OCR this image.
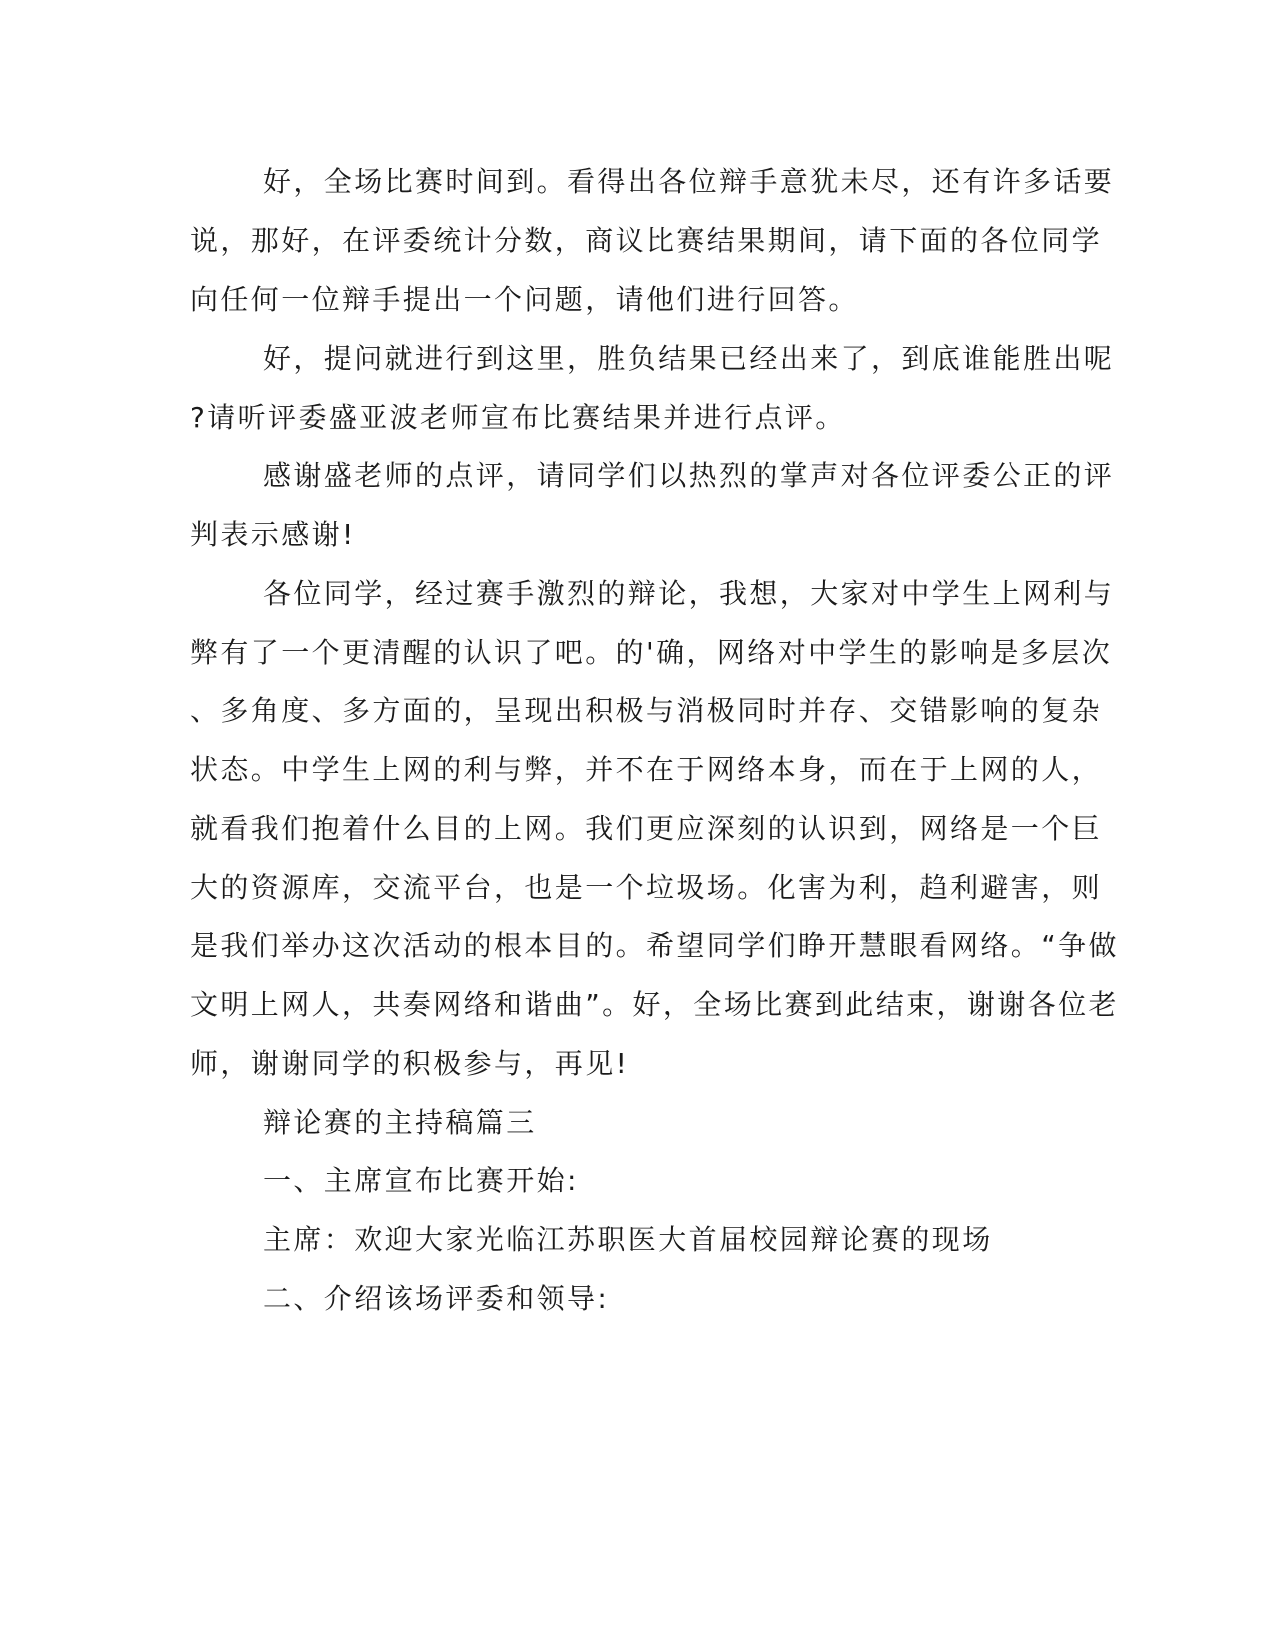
好，全场比赛时间到。看得出各位辩手意犹未尽，还有许多话要
说，那好，在评委统计分数，商议比赛结果期间，请下面的各位同学
向任何一位辩手提出一个问题，请他们进行回答。
好，提问就进行到这里，胜负结果已经出来了，到底谁能胜出呢
?请听评委盛亚波老师宣布比赛结果并进行点评。
感谢盛老师的点评，请同学们以热烈的掌声对各位评委公正的评
判表示感谢!
各位同学，经过赛手激烈的辩论，我想，大家对中学生上网利与
弊有了一个更清醒的认识了吧。的'确，网络对中学生的影响是多层次
、多角度、多方面的，呈现出积极与消极同时并存、交错影响的复杂
状态。中学生上网的利与弊，并不在于网络本身，而在于上网的人，
就看我们抱着什么目的上网。我们更应深刻的认识到，网络是一个巨
大的资源库，交流平台，也是一个垃圾场。化害为利，趋利避害，则
是我们举办这次活动的根本目的。希望同学们睁开慧眼看网络。“争做
文明上网人，共奏网络和谐曲”。好，全场比赛到此结束，谢谢各位老
师，谢谢同学的积极参与，再见!
辩论赛的主持稿篇三
一、主席宣布比赛开始:
主席：欢迎大家光临江苏职医大首届校园辩论赛的现场
二、介绍该场评委和领导:
